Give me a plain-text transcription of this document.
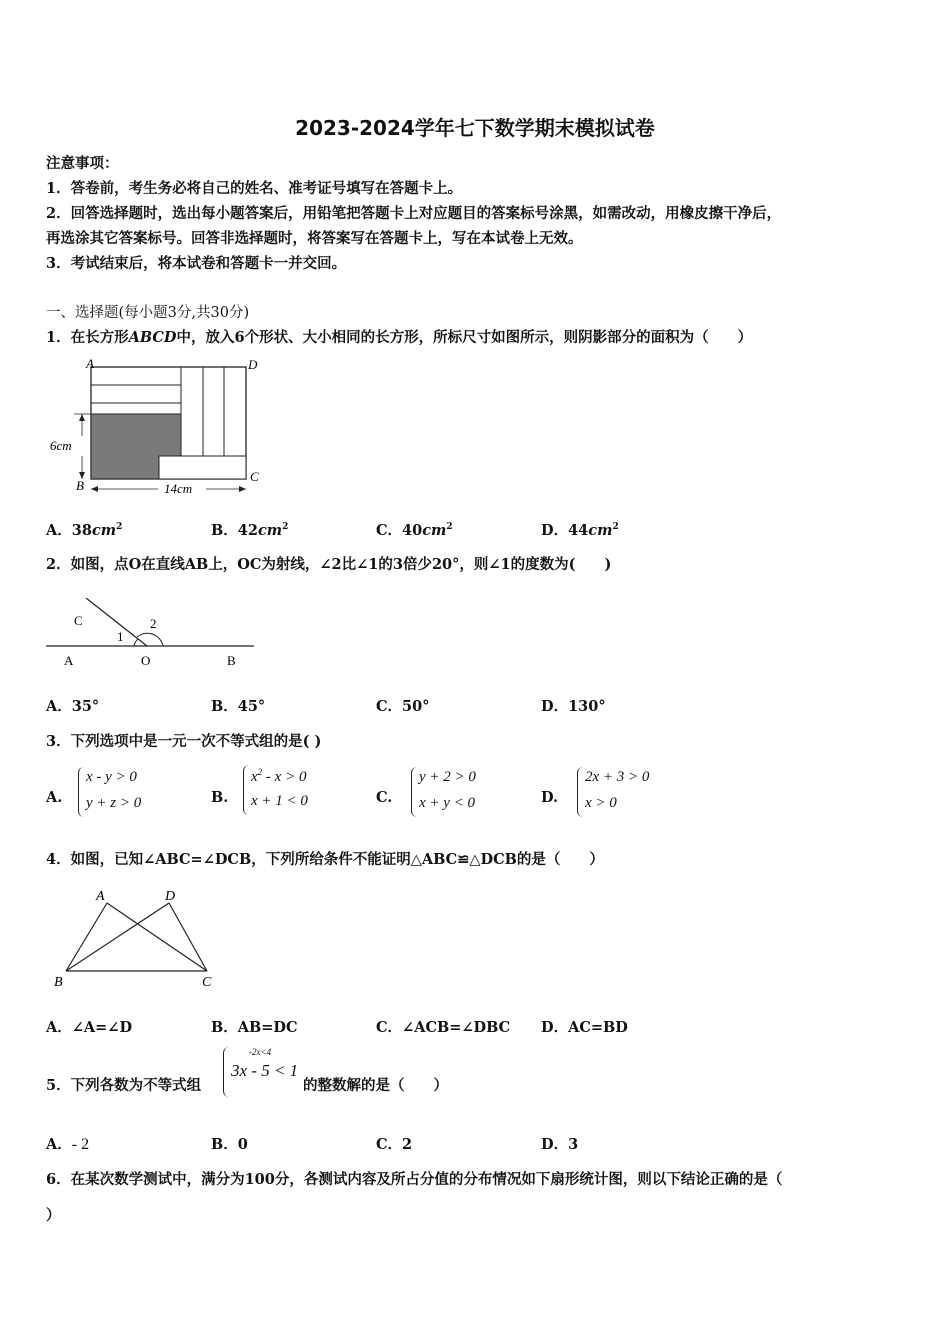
2023-2024学年七下数学期末模拟试卷
注意事项：
1．答卷前，考生务必将自己的姓名、准考证号填写在答题卡上。
2．回答选择题时，选出每小题答案后，用铅笔把答题卡上对应题目的答案标号涂黑，如需改动，用橡皮擦干净后，
再选涂其它答案标号。回答非选择题时，将答案写在答题卡上，写在本试卷上无效。
3．考试结束后，将本试卷和答题卡一并交回。
一、选择题(每小题3分,共30分)
1．在长方形ABCD中，放入6个形状、大小相同的长方形，所标尺寸如图所示，则阴影部分的面积为（　　）
A	D
B
C
6cm
14cm
A．$38cm^2$	B．$42cm^2$	C．$40cm^2$	D．$44cm^2$
2．如图，点O在直线AB上，OC为射线，∠2比∠1的3倍少20°，则∠1的度数为(　　)
C
1
2
A	O	B
A．35°	B．45°	C．50°	D．130°
3．下列选项中是一元一次不等式组的是( )
A.
x - y > 0
y + z > 0	B.
$x^2 - x > 0$
x + 1 < 0	C.
y + 2 > 0
x + y < 0	D.
2x + 3 > 0
x > 0
4．如图，已知∠ABC=∠DCB，下列所给条件不能证明△ABC≌△DCB的是（　　）
A	D
B	C
A．∠A=∠D	B．AB=DC	C．∠ACB=∠DBC D．AC=BD
5．下列各数为不等式组
-2x<4
3x - 5 < 1
的整数解的是（　　）
A．- 2	B．0	C．2	D．3
6．在某次数学测试中，满分为100分，各测试内容及所占分值的分布情况如下扇形统计图，则以下结论正确的是（
）
